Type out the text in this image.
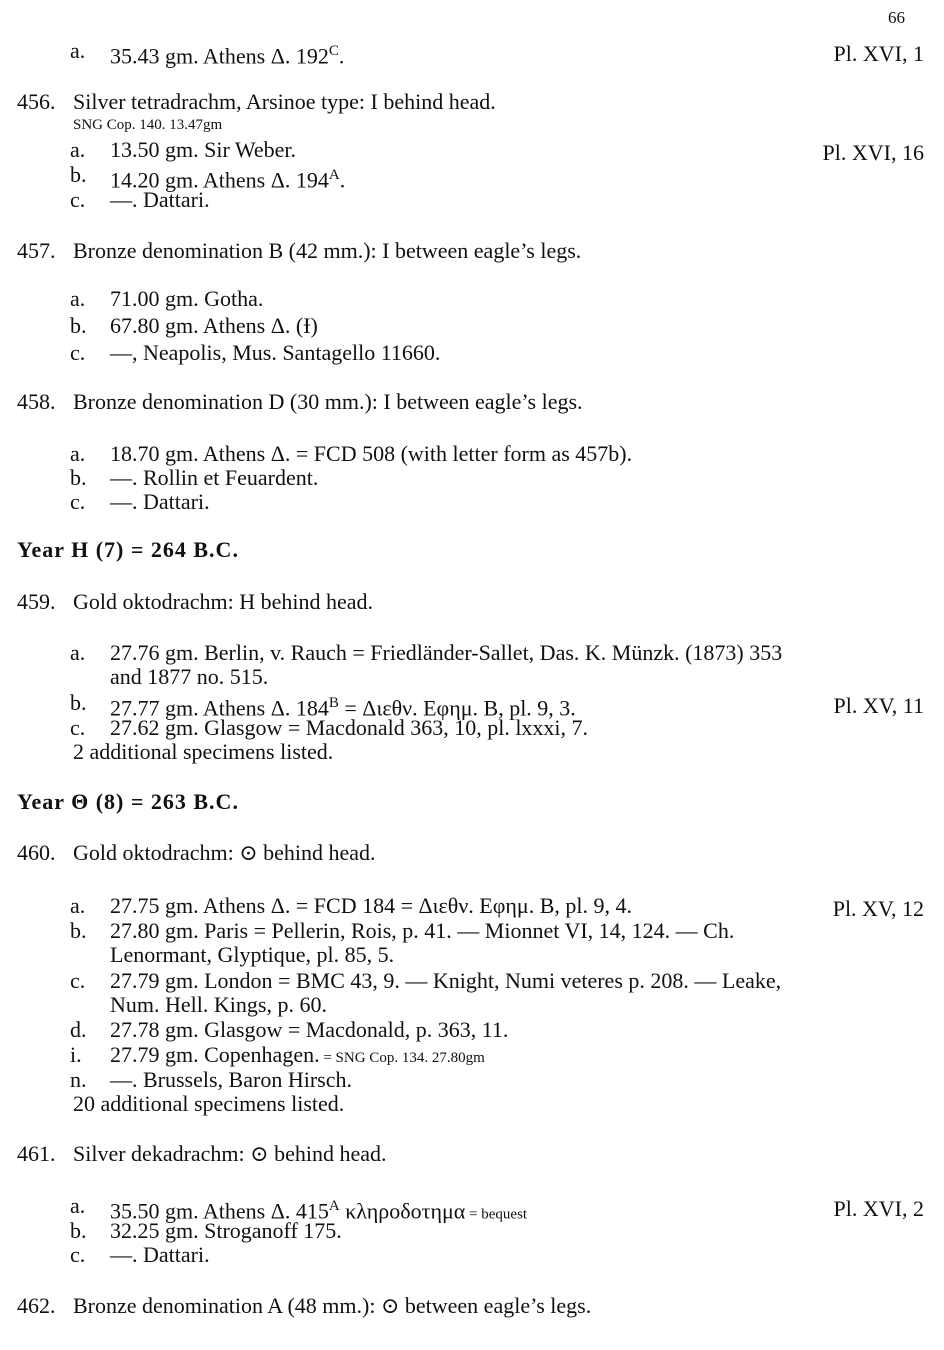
66
a. 35.43 gm. Athens Δ. $192^C$.	Pl. XVI, 1
456. Silver tetradrachm, Arsinoe type: I behind head.
SNG Cop. 140. 13.47gm
a. 13.50 gm. Sir Weber.	Pl. XVI, 16
b. 14.20 gm. Athens Δ. $194^A$.
c. —. Dattari.
457. Bronze denomination B (42 mm.): I between eagle’s legs.
a. 71.00 gm. Gotha.
b. 67.80 gm. Athens Δ. (Ɨ)
c. —, Neapolis, Mus. Santagello 11660.
458. Bronze denomination D (30 mm.): I between eagle’s legs.
a. 18.70 gm. Athens Δ. = FCD 508 (with letter form as 457b).
b. —. Rollin et Feuardent.
c. —. Dattari.
Year H (7) = 264 B.C.
459. Gold oktodrachm: H behind head.
a. 27.76 gm. Berlin, v. Rauch = Friedländer-Sallet, Das. K. Münzk. (1873) 353
and 1877 no. 515.
b. 27.77 gm. Athens Δ. $184^B = \Delta\iota\varepsilon\theta\nu$. Εφημ. B, pl. 9, 3.	Pl. XV, 11
c. 27.62 gm. Glasgow = Macdonald 363, 10, pl. lxxxi, 7.
2 additional specimens listed.
Year Θ (8) = 263 B.C.
460. Gold oktodrachm: ⊙ behind head.
a. 27.75 gm. Athens Δ. = FCD 184 = Διεθν. Εφημ. B, pl. 9, 4.	Pl. XV, 12
b. 27.80 gm. Paris = Pellerin, Rois, p. 41. — Mionnet VI, 14, 124. — Ch.
Lenormant, Glyptique, pl. 85, 5.
c. 27.79 gm. London = BMC 43, 9. — Knight, Numi veteres p. 208. — Leake,
Num. Hell. Kings, p. 60.
d. 27.78 gm. Glasgow = Macdonald, p. 363, 11.
i. 27.79 gm. Copenhagen. = SNG Cop. 134. 27.80gm
n. —. Brussels, Baron Hirsch.
20 additional specimens listed.
461. Silver dekadrachm: ⊙ behind head.
a. 35.50 gm. Athens Δ. $415^A$ κληροδοτημα = bequest	Pl. XVI, 2
b. 32.25 gm. Stroganoff 175.
c. —. Dattari.
462. Bronze denomination A (48 mm.): ⊙ between eagle’s legs.
